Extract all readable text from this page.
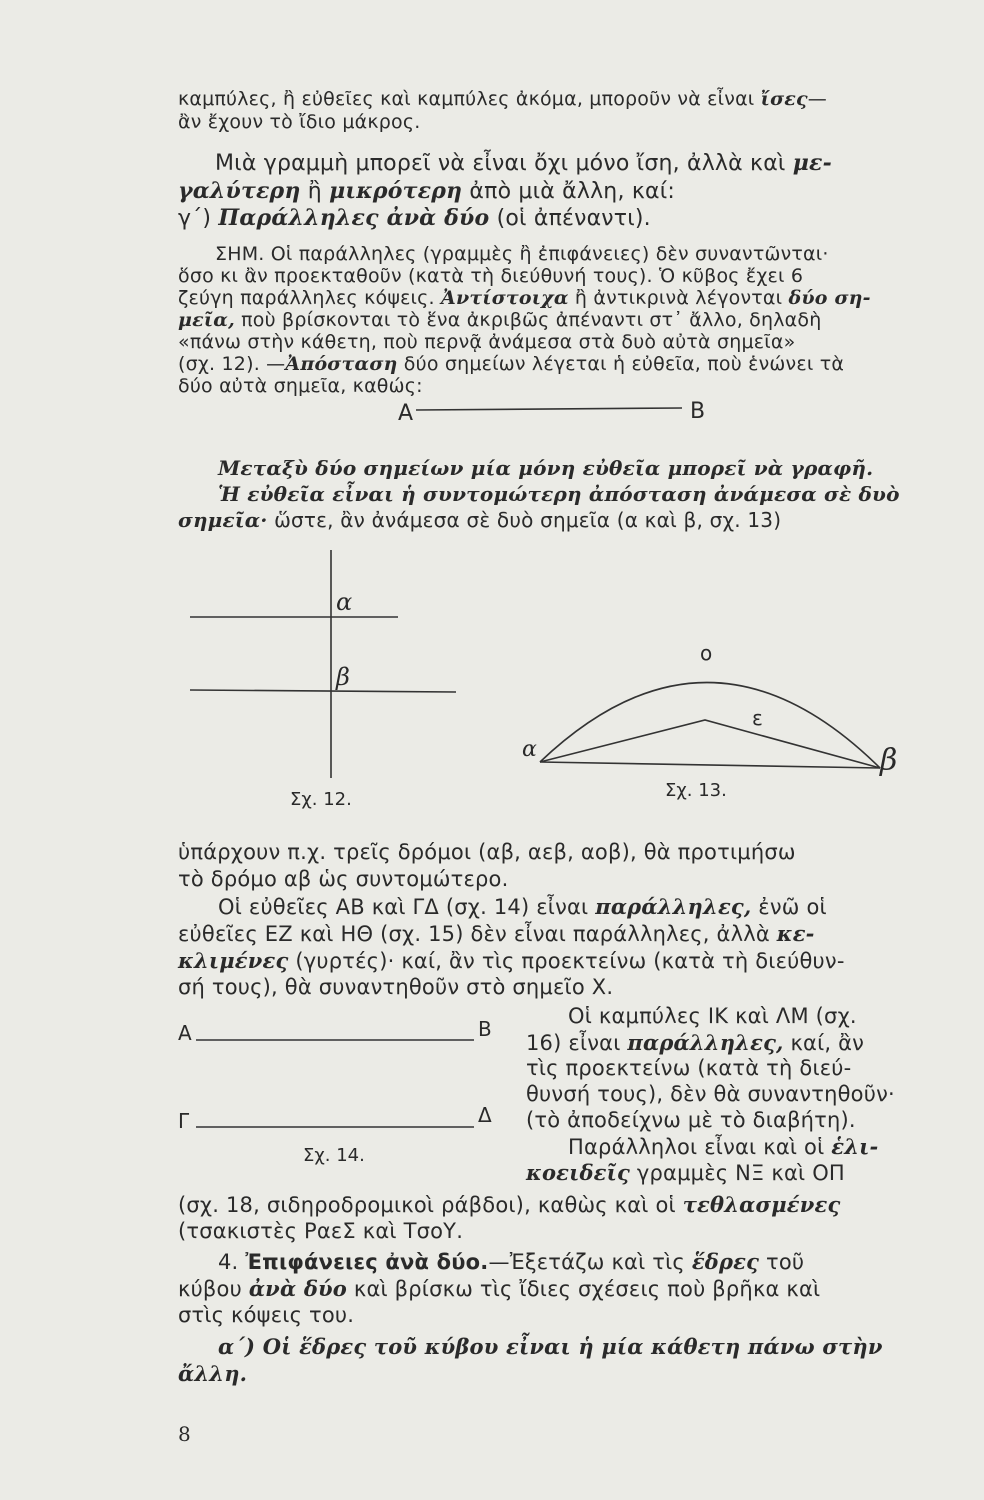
καμπύλες, ἢ εὐθεῖες καὶ καμπύλες ἀκόμα, μποροῦν νὰ εἶναι ἴσες—
ἂν ἔχουν τὸ ἴδιο μάκρος.
Μιὰ γραμμὴ μπορεῖ νὰ εἶναι ὄχι μόνο ἴση, ἀλλὰ καὶ με-
γαλύτερη ἢ μικρότερη ἀπὸ μιὰ ἄλλη, καί:
γ΄) Παράλληλες ἀνὰ δύο (οἱ ἀπέναντι).
ΣΗΜ. Οἱ παράλληλες (γραμμὲς ἢ ἐπιφάνειες) δὲν συναντῶνται·
ὅσο κι ἂν προεκταθοῦν (κατὰ τὴ διεύθυνή τους). Ὁ κῦβος ἔχει 6
ζεύγη παράλληλες κόψεις. Ἀντίστοιχα ἢ ἀντικρινὰ λέγονται δύο ση-
μεῖα, ποὺ βρίσκονται τὸ ἕνα ἀκριβῶς ἀπέναντι στ᾿ ἄλλο, δηλαδὴ
«πάνω στὴν κάθετη, ποὺ περνᾷ ἀνάμεσα στὰ δυὸ αὐτὰ σημεῖα»
(σχ. 12). —Ἀπόσταση δύο σημείων λέγεται ἡ εὐθεῖα, ποὺ ἑνώνει τὰ
δύο αὐτὰ σημεῖα, καθώς:
Μεταξὺ δύο σημείων μία μόνη εὐθεῖα μπορεῖ νὰ γραφῆ.
Ἡ εὐθεῖα εἶναι ἡ συντομώτερη ἀπόσταση ἀνάμεσα σὲ δυὸ
σημεῖα· ὥστε, ἂν ἀνάμεσα σὲ δυὸ σημεῖα (α καὶ β, σχ. 13)
A	B
α
β
Σχ. 12.
ο
ε
α	β
Σχ. 13.
A	B
Γ	Δ
Σχ. 14.
ὑπάρχουν π.χ. τρεῖς δρόμοι (αβ, αεβ, αοβ), θὰ προτιμήσω
τὸ δρόμο αβ ὡς συντομώτερο.
Οἱ εὐθεῖες ΑΒ καὶ ΓΔ (σχ. 14) εἶναι παράλληλες, ἐνῶ οἱ
εὐθεῖες ΕΖ καὶ ΗΘ (σχ. 15) δὲν εἶναι παράλληλες, ἀλλὰ κε-
κλιμένες (γυρτές)· καί, ἂν τὶς προεκτείνω (κατὰ τὴ διεύθυν-
σή τους), θὰ συναντηθοῦν στὸ σημεῖο Χ.
Οἱ καμπύλες ΙΚ καὶ ΛΜ (σχ.
16) εἶναι παράλληλες, καί, ἂν
τὶς προεκτείνω (κατὰ τὴ διεύ-
θυνσή τους), δὲν θὰ συναντηθοῦν·
(τὸ ἀποδείχνω μὲ τὸ διαβήτη).
Παράλληλοι εἶναι καὶ οἱ ἑλι-
κοειδεῖς γραμμὲς ΝΞ καὶ ΟΠ
(σχ. 18, σιδηροδρομικοὶ ράβδοι), καθὼς καὶ οἱ τεθλασμένες
(τσακιστὲς ΡαεΣ καὶ ΤσοΥ.
4. Ἐπιφάνειες ἀνὰ δύο.—Ἐξετάζω καὶ τὶς ἕδρες τοῦ
κύβου ἀνὰ δύο καὶ βρίσκω τὶς ἴδιες σχέσεις ποὺ βρῆκα καὶ
στὶς κόψεις του.
α΄) Οἱ ἕδρες τοῦ κύβου εἶναι ἡ μία κάθετη πάνω στὴν
ἄλλη.
8
